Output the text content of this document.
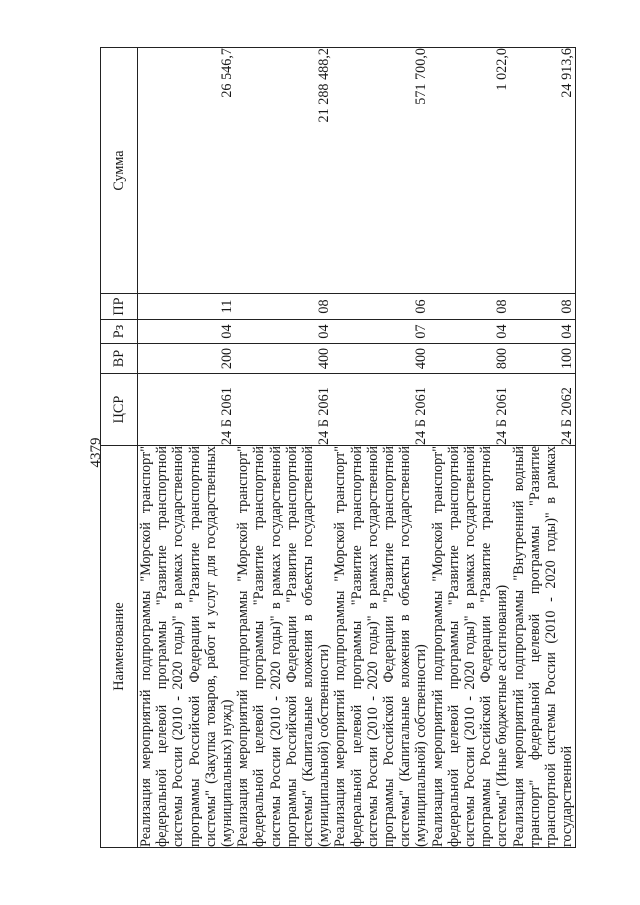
4379
Наименование	ЦСР	ВР	Рз	ПР	Сумма
Реализация мероприятий подпрограммы "Морской транспорт" федеральной целевой программы "Развитие транспортной системы России (2010 - 2020 годы)" в рамках государственной программы Российской Федерации "Развитие транспортной системы" (Закупка товаров, работ и услуг для государственных (муниципальных) нужд)	24 Б 2061	200	04	11	26 546,7
Реализация мероприятий подпрограммы "Морской транспорт" федеральной целевой программы "Развитие транспортной системы России (2010 - 2020 годы)" в рамках государственной программы Российской Федерации "Развитие транспортной системы" (Капитальные вложения в объекты государственной (муниципальной) собственности)	24 Б 2061	400	04	08	21 288 488,2
Реализация мероприятий подпрограммы "Морской транспорт" федеральной целевой программы "Развитие транспортной системы России (2010 - 2020 годы)" в рамках государственной программы Российской Федерации "Развитие транспортной системы" (Капитальные вложения в объекты государственной (муниципальной) собственности)	24 Б 2061	400	07	06	571 700,0
Реализация мероприятий подпрограммы "Морской транспорт" федеральной целевой программы "Развитие транспортной системы России (2010 - 2020 годы)" в рамках государственной программы Российской Федерации "Развитие транспортной системы" (Иные бюджетные ассигнования)	24 Б 2061	800	04	08	1 022,0
Реализация мероприятий подпрограммы "Внутренний водный транспорт" федеральной целевой программы "Развитие транспортной системы России (2010 - 2020 годы)" в рамках государственной	24 Б 2062	100	04	08	24 913,6
